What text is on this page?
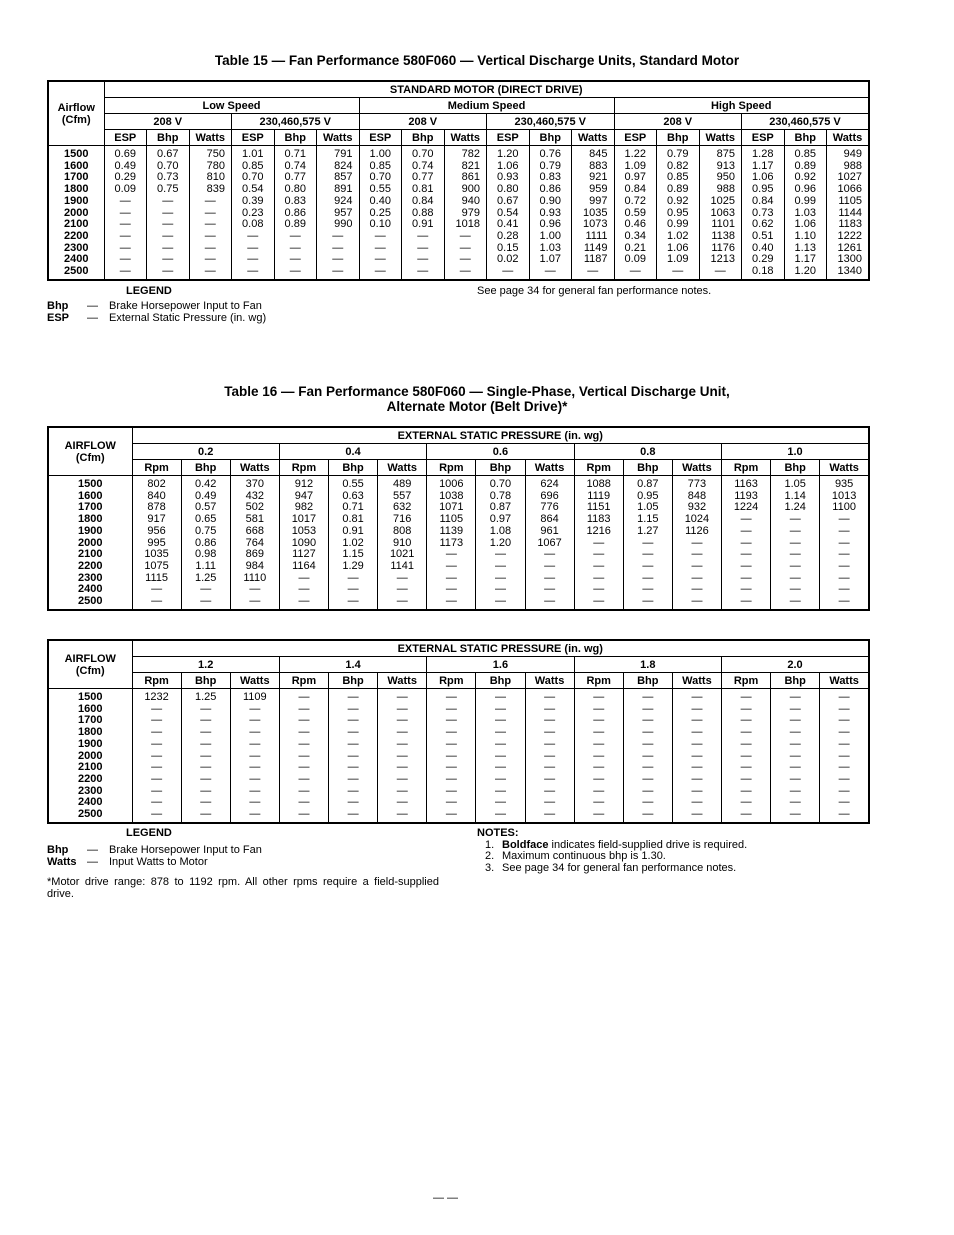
Table 15 — Fan Performance 580F060 — Vertical Discharge Units, Standard Motor
Airflow
(Cfm)	STANDARD MOTOR (DIRECT DRIVE)																	
	Low Speed						Medium Speed						High Speed					
	208 V			230,460,575 V			208 V			230,460,575 V			208 V			230,460,575 V		
	ESP	Bhp	Watts	ESP	Bhp	Watts	ESP	Bhp	Watts	ESP	Bhp	Watts	ESP	Bhp	Watts	ESP	Bhp	Watts
1500	0.69	0.67	750	1.01	0.71	791	1.00	0.70	782	1.20	0.76	845	1.22	0.79	875	1.28	0.85	949
1600	0.49	0.70	780	0.85	0.74	824	0.85	0.74	821	1.06	0.79	883	1.09	0.82	913	1.17	0.89	988
1700	0.29	0.73	810	0.70	0.77	857	0.70	0.77	861	0.93	0.83	921	0.97	0.85	950	1.06	0.92	1027
1800	0.09	0.75	839	0.54	0.80	891	0.55	0.81	900	0.80	0.86	959	0.84	0.89	988	0.95	0.96	1066
1900	—	—	—	0.39	0.83	924	0.40	0.84	940	0.67	0.90	997	0.72	0.92	1025	0.84	0.99	1105
2000	—	—	—	0.23	0.86	957	0.25	0.88	979	0.54	0.93	1035	0.59	0.95	1063	0.73	1.03	1144
2100	—	—	—	0.08	0.89	990	0.10	0.91	1018	0.41	0.96	1073	0.46	0.99	1101	0.62	1.06	1183
2200	—	—	—	—	—	—	—	—	—	0.28	1.00	1111	0.34	1.02	1138	0.51	1.10	1222
2300	—	—	—	—	—	—	—	—	—	0.15	1.03	1149	0.21	1.06	1176	0.40	1.13	1261
2400	—	—	—	—	—	—	—	—	—	0.02	1.07	1187	0.09	1.09	1213	0.29	1.17	1300
2500	—	—	—	—	—	—	—	—	—	—	—	—	—	—	—	0.18	1.20	1340
LEGEND
Bhp	—	Brake Horsepower Input to Fan
ESP	—	External Static Pressure (in. wg)
See page 34 for general fan performance notes.
Table 16 — Fan Performance 580F060 — Single-Phase, Vertical Discharge Unit,
Alternate Motor (Belt Drive)*
AIRFLOW
(Cfm)	EXTERNAL STATIC PRESSURE (in. wg)														
	0.2			0.4			0.6			0.8			1.0		
	Rpm	Bhp	Watts	Rpm	Bhp	Watts	Rpm	Bhp	Watts	Rpm	Bhp	Watts	Rpm	Bhp	Watts
1500	802	0.42	370	912	0.55	489	1006	0.70	624	1088	0.87	773	1163	1.05	935
1600	840	0.49	432	947	0.63	557	1038	0.78	696	1119	0.95	848	1193	1.14	1013
1700	878	0.57	502	982	0.71	632	1071	0.87	776	1151	1.05	932	1224	1.24	1100
1800	917	0.65	581	1017	0.81	716	1105	0.97	864	1183	1.15	1024	—	—	—
1900	956	0.75	668	1053	0.91	808	1139	1.08	961	1216	1.27	1126	—	—	—
2000	995	0.86	764	1090	1.02	910	1173	1.20	1067	—	—	—	—	—	—
2100	1035	0.98	869	1127	1.15	1021	—	—	—	—	—	—	—	—	—
2200	1075	1.11	984	1164	1.29	1141	—	—	—	—	—	—	—	—	—
2300	1115	1.25	1110	—	—	—	—	—	—	—	—	—	—	—	—
2400	—	—	—	—	—	—	—	—	—	—	—	—	—	—	—
2500	—	—	—	—	—	—	—	—	—	—	—	—	—	—	—
AIRFLOW
(Cfm)	EXTERNAL STATIC PRESSURE (in. wg)														
	1.2			1.4			1.6			1.8			2.0		
	Rpm	Bhp	Watts	Rpm	Bhp	Watts	Rpm	Bhp	Watts	Rpm	Bhp	Watts	Rpm	Bhp	Watts
1500	1232	1.25	1109	—	—	—	—	—	—	—	—	—	—	—	—
1600	—	—	—	—	—	—	—	—	—	—	—	—	—	—	—
1700	—	—	—	—	—	—	—	—	—	—	—	—	—	—	—
1800	—	—	—	—	—	—	—	—	—	—	—	—	—	—	—
1900	—	—	—	—	—	—	—	—	—	—	—	—	—	—	—
2000	—	—	—	—	—	—	—	—	—	—	—	—	—	—	—
2100	—	—	—	—	—	—	—	—	—	—	—	—	—	—	—
2200	—	—	—	—	—	—	—	—	—	—	—	—	—	—	—
2300	—	—	—	—	—	—	—	—	—	—	—	—	—	—	—
2400	—	—	—	—	—	—	—	—	—	—	—	—	—	—	—
2500	—	—	—	—	—	—	—	—	—	—	—	—	—	—	—
LEGEND
Bhp	—	Brake Horsepower Input to Fan
Watts —	Input Watts to Motor
*Motor drive range: 878 to 1192 rpm. All other rpms require a field-supplied drive.
NOTES:
1. Boldface indicates field-supplied drive is required.
2. Maximum continuous bhp is 1.30.
3. See page 34 for general fan performance notes.
— —
